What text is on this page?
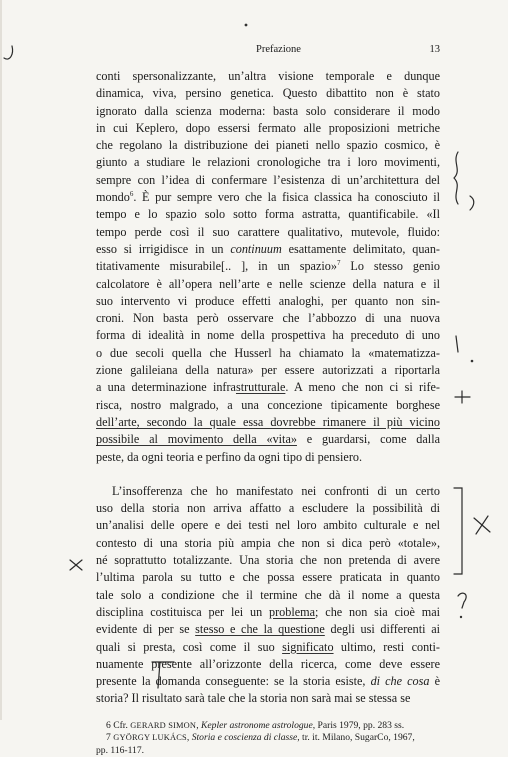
Prefazione	13
conti spersonalizzante, un’altra visione temporale e dunque
dinamica, viva, persino genetica. Questo dibattito non è stato
ignorato dalla scienza moderna: basta solo considerare il modo
in cui Keplero, dopo essersi fermato alle proposizioni metriche
che regolano la distribuzione dei pianeti nello spazio cosmico, è
giunto a studiare le relazioni cronologiche tra i loro movimenti,
sempre con l’idea di confermare l’esistenza di un’architettura del
mondo$^6$. È pur sempre vero che la fisica classica ha conosciuto il
tempo e lo spazio solo sotto forma astratta, quantificabile. «Il
tempo perde così il suo carattere qualitativo, mutevole, fluido:
esso si irrigidisce in un continuum esattamente delimitato, quan-
titativamente misurabile[.. ], in un spazio»$^7$ Lo stesso genio
calcolatore è all’opera nell’arte e nelle scienze della natura e il
suo intervento vi produce effetti analoghi, per quanto non sin-
croni. Non basta però osservare che l’abbozzo di una nuova
forma di idealità in nome della prospettiva ha preceduto di uno
o due secoli quella che Husserl ha chiamato la «matematizza-
zione galileiana della natura» per essere autorizzati a riportarla
a una determinazione infrastrutturale. A meno che non ci si rife-
risca, nostro malgrado, a una concezione tipicamente borghese
dell’arte, secondo la quale essa dovrebbe rimanere il più vicino
possibile al movimento della «vita» e guardarsi, come dalla
peste, da ogni teoria e perfino da ogni tipo di pensiero.
L’insofferenza che ho manifestato nei confronti di un certo
uso della storia non arriva affatto a escludere la possibilità di
un’analisi delle opere e dei testi nel loro ambito culturale e nel
contesto di una storia più ampia che non si dica però «totale»,
né soprattutto totalizzante. Una storia che non pretenda di avere
l’ultima parola su tutto e che possa essere praticata in quanto
tale solo a condizione che il termine che dà il nome a questa
disciplina costituisca per lei un problema; che non sia cioè mai
evidente di per se stesso e che la questione degli usi differenti ai
quali si presta, così come il suo significato ultimo, resti conti-
nuamente presente all’orizzonte della ricerca, come deve essere
presente la domanda conseguente: se la storia esiste, di che cosa è
storia? Il risultato sarà tale che la storia non sarà mai se stessa se
6 Cfr. GERARD SIMON, Kepler astronome astrologue, Paris 1979, pp. 283 ss.
7 GYÖRGY LUKÁCS, Storia e coscienza di classe, tr. it. Milano, SugarCo, 1967,
pp. 116-117.
